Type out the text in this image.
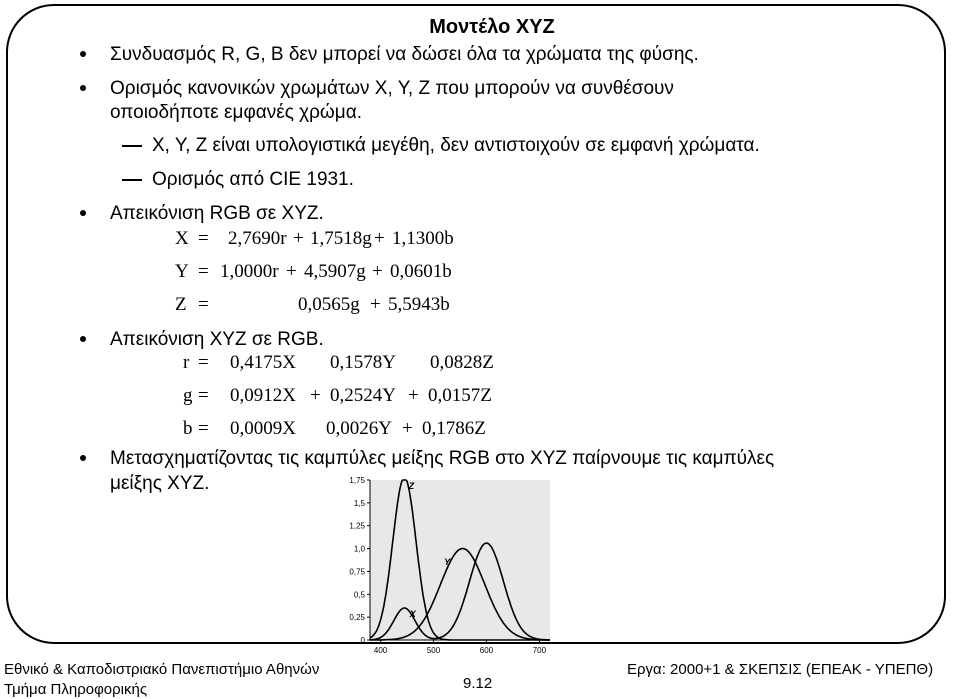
Μοντέλο XYZ
Συνδυασμός R, G, B δεν μπορεί να δώσει όλα τα χρώματα της φύσης.
Ορισμός κανονικών χρωμάτων X, Y, Z που μπορούν να συνθέσουν
οποιοδήποτε εμφανές χρώμα.
X, Y, Z είναι υπολογιστικά μεγέθη, δεν αντιστοιχούν σε εμφανή χρώματα.
Ορισμός από CIE 1931.
Απεικόνιση RGB σε XYZ.
X = 2,7690r + 1,7518g + 1,1300b
Y = 1,0000r + 4,5907g + 0,0601b
Z =	0,0565g + 5,5943b
Απεικόνιση XYZ σε RGB.
r = 0,4175X 0,1578Y 0,0828Z
g = 0,0912X + 0,2524Y + 0,0157Z
b = 0,0009X 0,0026Y + 0,1786Z
Μετασχηματίζοντας τις καμπύλες μείξης RGB στο XYZ παίρνουμε τις καμπύλες
μείξης XYZ.
0
0,25
0,5
0,75
1,0
1,25
1,5
1,75
400	500	600	700
Z
Y
X
Εθνικό & Καποδιστριακό Πανεπιστήμιο Αθηνών
Τμήμα Πληροφορικής	9.12
Εργα: 2000+1 & ΣΚΕΠΣΙΣ (ΕΠΕΑΚ - ΥΠΕΠΘ)
